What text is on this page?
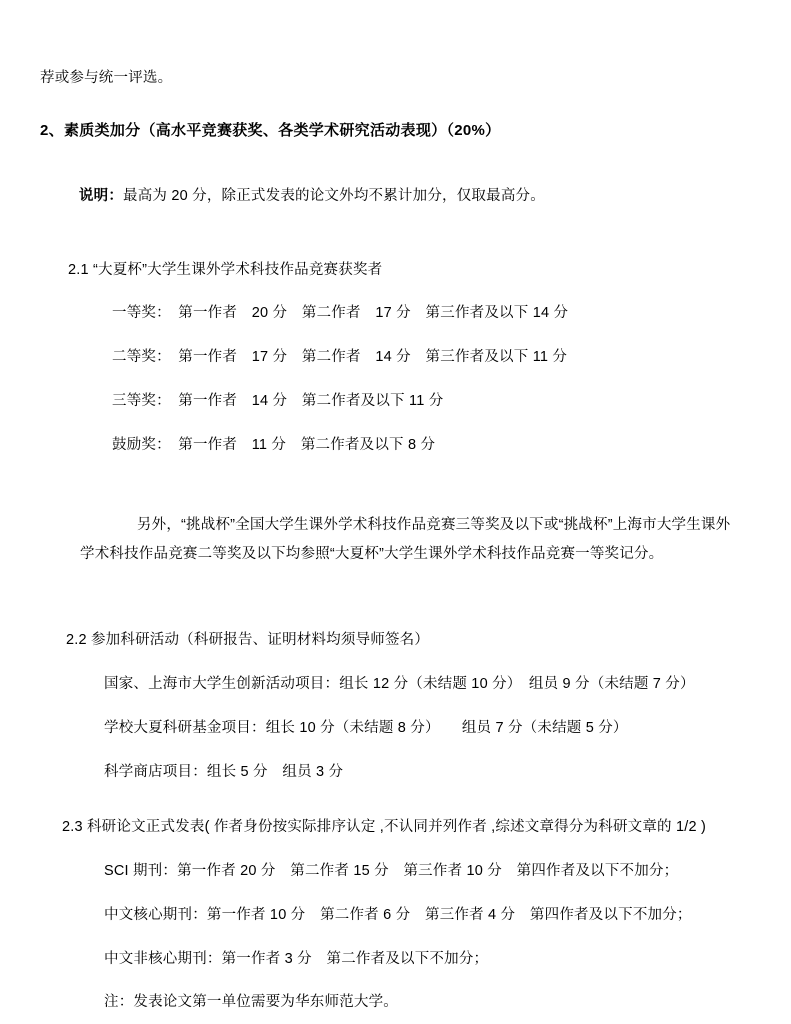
荐或参与统一评选。
2、素质类加分（高水平竞赛获奖、各类学术研究活动表现）（20%）

说明：最高为 20 分，除正式发表的论文外均不累计加分，仅取最高分。

2.1 “大夏杯”大学生课外学术科技作品竞赛获奖者
一等奖：　第一作者　20 分　第二作者　17 分　第三作者及以下 14 分
二等奖：　第一作者　17 分　第二作者　14 分　第三作者及以下 11 分
三等奖：　第一作者　14 分　第二作者及以下 11 分
鼓励奖：　第一作者　11 分　第二作者及以下 8 分

另外，“挑战杯”全国大学生课外学术科技作品竞赛三等奖及以下或“挑战杯”上海市大学生课外学术科技作品竞赛二等奖及以下均参照“大夏杯”大学生课外学术科技作品竞赛一等奖记分。

2.2 参加科研活动（科研报告、证明材料均须导师签名）
国家、上海市大学生创新活动项目：组长 12 分（未结题 10 分）　组员 9 分（未结题 7 分）
学校大夏科研基金项目：组长 10 分（未结题 8 分）　　组员 7 分（未结题 5 分）
科学商店项目：组长 5 分　组员 3 分
2.3 科研论文正式发表( 作者身份按实际排序认定 ,不认同并列作者 ,综述文章得分为科研文章的 1/2 )
SCI 期刊：第一作者 20 分　第二作者 15 分　第三作者 10 分　第四作者及以下不加分；
中文核心期刊：第一作者 10 分　第二作者 6 分　第三作者 4 分　第四作者及以下不加分；
中文非核心期刊：第一作者 3 分　第二作者及以下不加分；
注：发表论文第一单位需要为华东师范大学。
